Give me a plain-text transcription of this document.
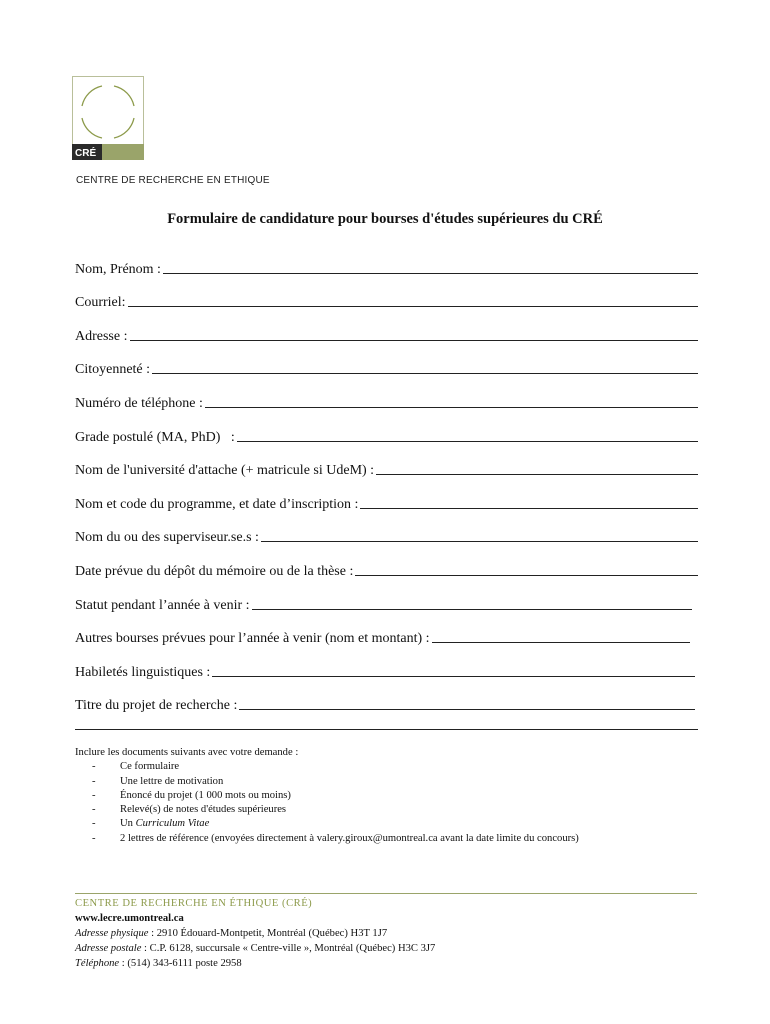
CRÉ
CENTRE DE RECHERCHE EN ETHIQUE
Formulaire de candidature pour bourses d'études supérieures du CRÉ
Nom, Prénom :
Courriel:
Adresse :
Citoyenneté :
Numéro de téléphone :
Grade postulé (MA, PhD)   :
Nom de l'université d'attache (+ matricule si UdeM) :
Nom et code du programme, et date d’inscription :
Nom du ou des superviseur.se.s :
Date prévue du dépôt du mémoire ou de la thèse :
Statut pendant l’année à venir :
Autres bourses prévues pour l’année à venir (nom et montant) :
Habiletés linguistiques :
Titre du projet de recherche :
Inclure les documents suivants avec votre demande :
- Ce formulaire
- Une lettre de motivation
- Énoncé du projet (1 000 mots ou moins)
- Relevé(s) de notes d'études supérieures
- Un Curriculum Vitae
- 2 lettres de référence (envoyées directement à valery.giroux@umontreal.ca avant la date limite du concours)
CENTRE DE RECHERCHE EN ÉTHIQUE (CRÉ)
www.lecre.umontreal.ca
Adresse physique : 2910 Édouard-Montpetit, Montréal (Québec) H3T 1J7
Adresse postale : C.P. 6128, succursale « Centre-ville », Montréal (Québec) H3C 3J7
Téléphone : (514) 343-6111 poste 2958
